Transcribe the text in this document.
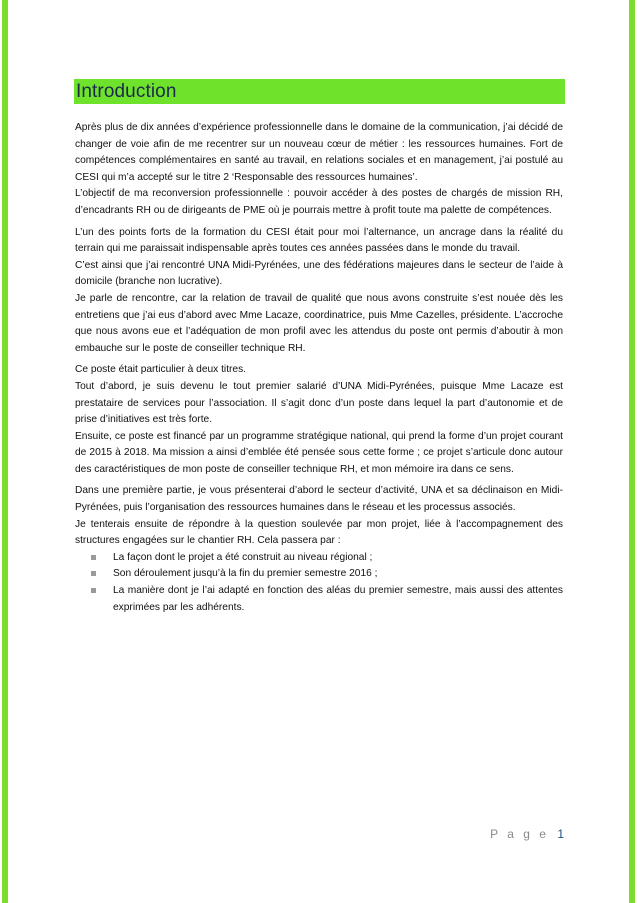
Introduction

Après plus de dix années d’expérience professionnelle dans le domaine de la communication, j’ai décidé de changer de voie afin de me recentrer sur un nouveau cœur de métier : les ressources humaines. Fort de compétences complémentaires en santé au travail, en relations sociales et en management, j’ai postulé au CESI qui m’a accepté sur le titre 2 ‘Responsable des ressources humaines’.
L’objectif de ma reconversion professionnelle : pouvoir accéder à des postes de chargés de mission RH, d’encadrants RH ou de dirigeants de PME où je pourrais mettre à profit toute ma palette de compétences.

L’un des points forts de la formation du CESI était pour moi l’alternance, un ancrage dans la réalité du terrain qui me paraissait indispensable après toutes ces années passées dans le monde du travail.
C’est ainsi que j’ai rencontré UNA Midi-Pyrénées, une des fédérations majeures dans le secteur de l’aide à domicile (branche non lucrative).
Je parle de rencontre, car la relation de travail de qualité que nous avons construite s’est nouée dès les entretiens que j’ai eus d’abord avec Mme Lacaze, coordinatrice, puis Mme Cazelles, présidente. L’accroche que nous avons eue et l’adéquation de mon profil avec les attendus du poste ont permis d’aboutir à mon embauche sur le poste de conseiller technique RH.

Ce poste était particulier à deux titres.
Tout d’abord, je suis devenu le tout premier salarié d’UNA Midi-Pyrénées, puisque Mme Lacaze est prestataire de services pour l’association. Il s’agit donc d’un poste dans lequel la part d’autonomie et de prise d’initiatives est très forte.
Ensuite, ce poste est financé par un programme stratégique national, qui prend la forme d’un projet courant de 2015 à 2018. Ma mission a ainsi d’emblée été pensée sous cette forme ; ce projet s’articule donc autour des caractéristiques de mon poste de conseiller technique RH, et mon mémoire ira dans ce sens.

Dans une première partie, je vous présenterai d’abord le secteur d’activité, UNA et sa déclinaison en Midi-Pyrénées, puis l’organisation des ressources humaines dans le réseau et les processus associés.
Je tenterais ensuite de répondre à la question soulevée par mon projet, liée à l’accompagnement des structures engagées sur le chantier RH. Cela passera par :

La façon dont le projet a été construit au niveau régional ;
Son déroulement jusqu’à la fin du premier semestre 2016 ;
La manière dont je l’ai adapté en fonction des aléas du premier semestre, mais aussi des attentes exprimées par les adhérents.
P a g e 1
